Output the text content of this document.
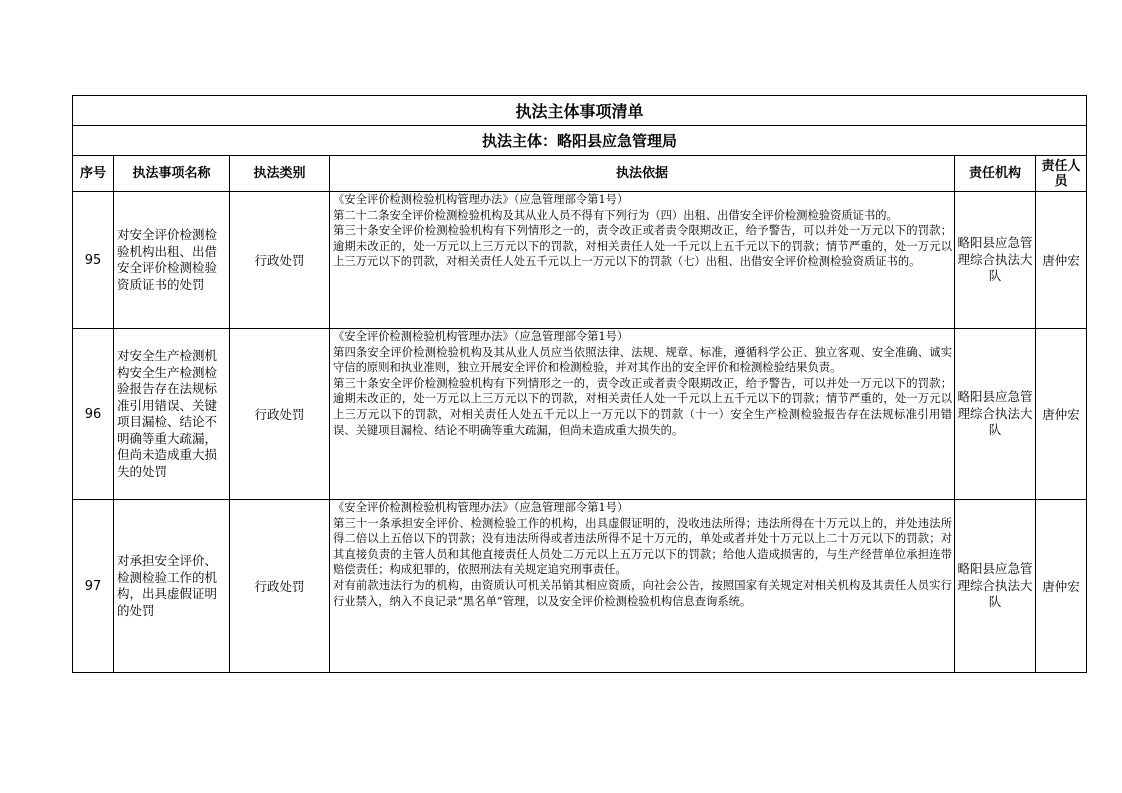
执法主体事项清单					
执法主体：略阳县应急管理局					
序号	执法事项名称	执法类别	执法依据	责任机构	责任人员
95	对安全评价检测检验机构出租、出借安全评价检测检验资质证书的处罚	行政处罚	《安全评价检测检验机构管理办法》（应急管理部令第1号）

第二十二条安全评价检测检验机构及其从业人员不得有下列行为（四）出租、出借安全评价检测检验资质证书的。

第三十条安全评价检测检验机构有下列情形之一的，责令改正或者责令限期改正，给予警告，可以并处一万元以下的罚款；逾期未改正的，处一万元以上三万元以下的罚款，对相关责任人处一千元以上五千元以下的罚款；情节严重的，处一万元以上三万元以下的罚款，对相关责任人处五千元以上一万元以下的罚款（七）出租、出借安全评价检测检验资质证书的。	略阳县应急管理综合执法大队	唐仲宏
96	对安全生产检测机构安全生产检测检验报告存在法规标准引用错误、关键项目漏检、结论不明确等重大疏漏，但尚未造成重大损失的处罚	行政处罚	《安全评价检测检验机构管理办法》（应急管理部令第1号）

第四条安全评价检测检验机构及其从业人员应当依照法律、法规、规章、标准，遵循科学公正、独立客观、安全准确、诚实守信的原则和执业准则，独立开展安全评价和检测检验，并对其作出的安全评价和检测检验结果负责。

第三十条安全评价检测检验机构有下列情形之一的，责令改正或者责令限期改正，给予警告，可以并处一万元以下的罚款；逾期未改正的，处一万元以上三万元以下的罚款，对相关责任人处一千元以上五千元以下的罚款；情节严重的，处一万元以上三万元以下的罚款，对相关责任人处五千元以上一万元以下的罚款（十一）安全生产检测检验报告存在法规标准引用错误、关键项目漏检、结论不明确等重大疏漏，但尚未造成重大损失的。	略阳县应急管理综合执法大队	唐仲宏
97	对承担安全评价、检测检验工作的机构，出具虚假证明的处罚	行政处罚	《安全评价检测检验机构管理办法》（应急管理部令第1号）

第三十一条承担安全评价、检测检验工作的机构，出具虚假证明的，没收违法所得；违法所得在十万元以上的，并处违法所得二倍以上五倍以下的罚款；没有违法所得或者违法所得不足十万元的，单处或者并处十万元以上二十万元以下的罚款；对其直接负责的主管人员和其他直接责任人员处二万元以上五万元以下的罚款；给他人造成损害的，与生产经营单位承担连带赔偿责任；构成犯罪的，依照刑法有关规定追究刑事责任。

对有前款违法行为的机构，由资质认可机关吊销其相应资质，向社会公告，按照国家有关规定对相关机构及其责任人员实行行业禁入，纳入不良记录“黑名单”管理，以及安全评价检测检验机构信息查询系统。	略阳县应急管理综合执法大队	唐仲宏
